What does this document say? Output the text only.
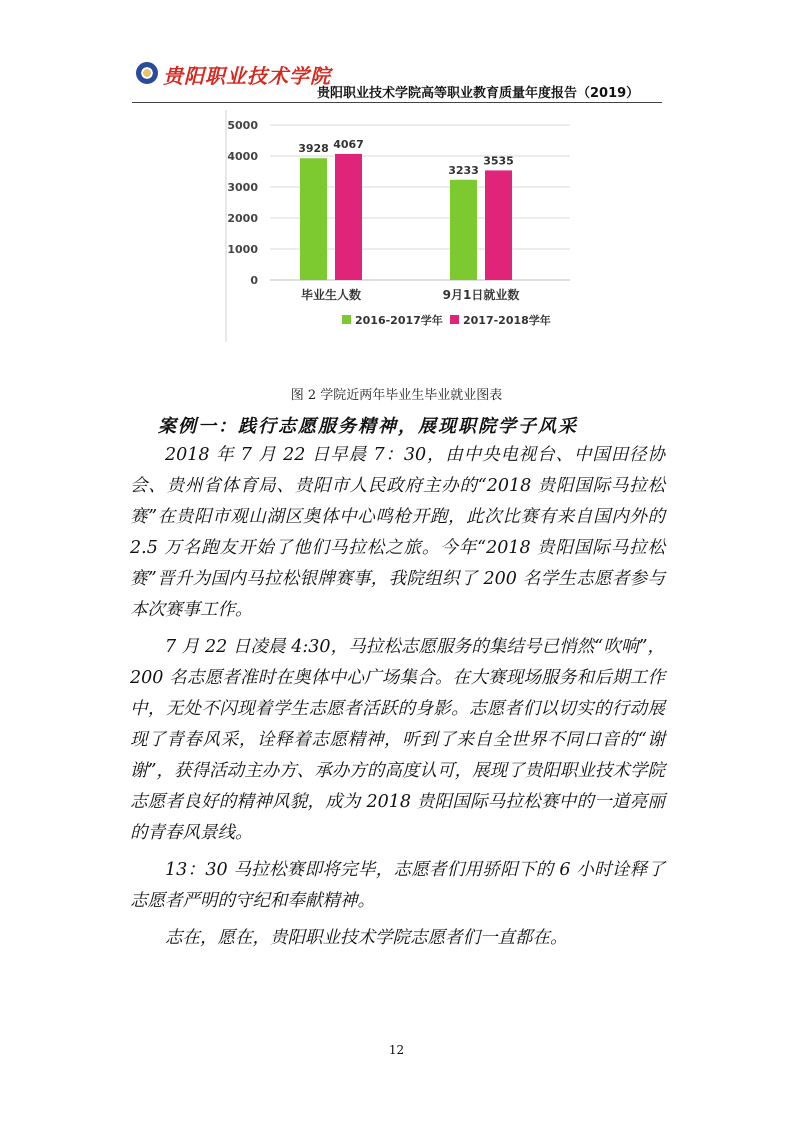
贵阳职业技术学院
贵阳职业技术学院高等职业教育质量年度报告（2019）
0
1000
2000
3000
4000
5000
3928 4067
毕业生人数
3233
3535
9月1日就业数
2016-2017学年 2017-2018学年
图 2 学院近两年毕业生毕业就业图表
案例一：践行志愿服务精神，展现职院学子风采

2018 年 7 月 22 日早晨 7：30，由中央电视台、中国田径协会、贵州省体育局、贵阳市人民政府主办的“2018 贵阳国际马拉松赛”在贵阳市观山湖区奥体中心鸣枪开跑，此次比赛有来自国内外的 2.5 万名跑友开始了他们马拉松之旅。今年“2018 贵阳国际马拉松赛”晋升为国内马拉松银牌赛事，我院组织了 200 名学生志愿者参与本次赛事工作。

7 月 22 日凌晨 4:30，马拉松志愿服务的集结号已悄然“吹响”，200 名志愿者准时在奥体中心广场集合。在大赛现场服务和后期工作中，无处不闪现着学生志愿者活跃的身影。志愿者们以切实的行动展现了青春风采，诠释着志愿精神，听到了来自全世界不同口音的“谢谢”，获得活动主办方、承办方的高度认可，展现了贵阳职业技术学院志愿者良好的精神风貌，成为 2018 贵阳国际马拉松赛中的一道亮丽的青春风景线。

13：30 马拉松赛即将完毕，志愿者们用骄阳下的 6 小时诠释了志愿者严明的守纪和奉献精神。

志在，愿在，贵阳职业技术学院志愿者们一直都在。

12
